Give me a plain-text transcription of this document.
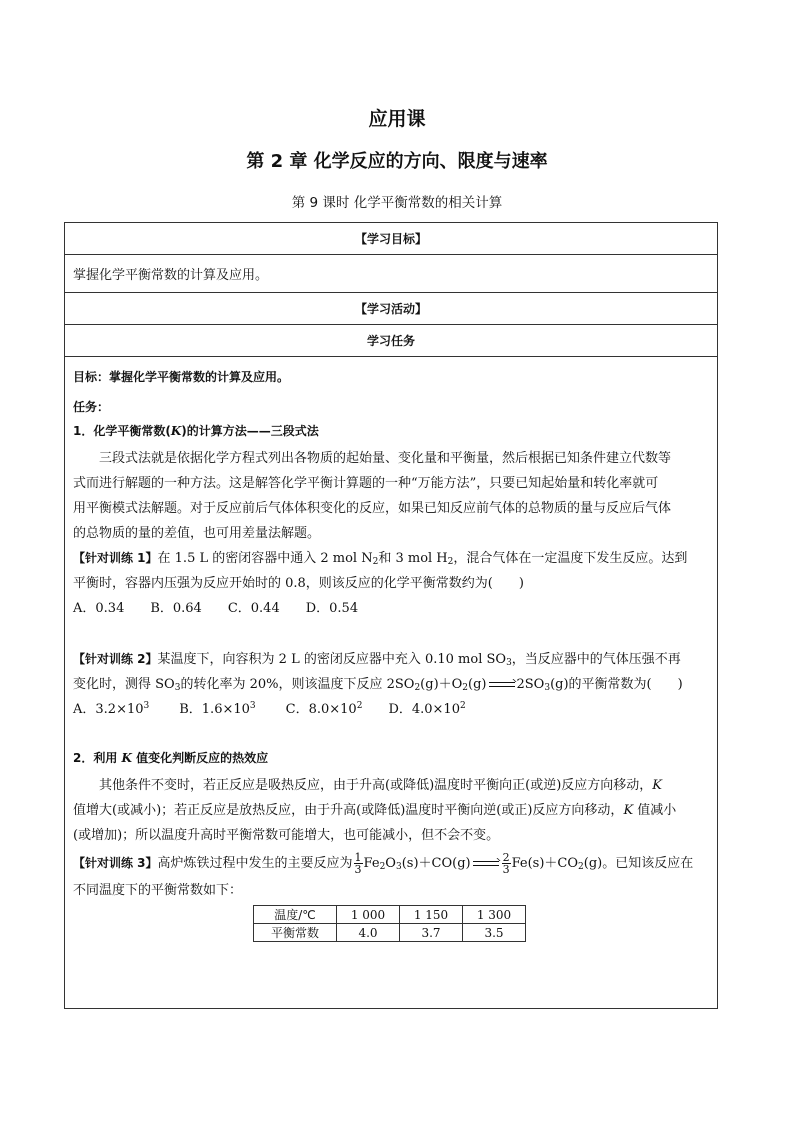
应用课
第 2 章 化学反应的方向、限度与速率
第 9 课时 化学平衡常数的相关计算
【学习目标】
掌握化学平衡常数的计算及应用。
【学习活动】
学习任务
目标：掌握化学平衡常数的计算及应用。
任务：
1．化学平衡常数(K)的计算方法——三段式法
三段式法就是依据化学方程式列出各物质的起始量、变化量和平衡量，然后根据已知条件建立代数等
式而进行解题的一种方法。这是解答化学平衡计算题的一种“万能方法”，只要已知起始量和转化率就可
用平衡模式法解题。对于反应前后气体体积变化的反应，如果已知反应前气体的总物质的量与反应后气体
的总物质的量的差值，也可用差量法解题。
【针对训练 1】在 1.5 L 的密闭容器中通入 2 mol $N_2$和 3 mol $H_2$，混合气体在一定温度下发生反应。达到
平衡时，容器内压强为反应开始时的 0.8，则该反应的化学平衡常数约为(　　)
A．0.34　　B．0.64　　C．0.44　　D．0.54
【针对训练 2】某温度下，向容积为 2 L 的密闭反应器中充入 0.10 mol $SO_3$，当反应器中的气体压强不再
变化时，测得 $SO_3$的转化率为 20%，则该温度下反应 $2SO_2(g)+O_2(g)$ $2SO_3(g)$的平衡常数为(　　)
A．$3.2\times 10^3$ B．$1.6\times 10^3$ C．$8.0\times 10^2$ D．$4.0\times 10^2$
2．利用 K 值变化判断反应的热效应
其他条件不变时，若正反应是吸热反应，由于升高(或降低)温度时平衡向正(或逆)反应方向移动，K
值增大(或减小)；若正反应是放热反应，由于升高(或降低)温度时平衡向逆(或正)反应方向移动，K 值减小
(或增加)；所以温度升高时平衡常数可能增大，也可能减小，但不会不变。
【针对训练 3】高炉炼铁过程中发生的主要反应为 $\frac{1}{3} Fe_2O_3(s)+CO(g)$	$\frac{2}{3} Fe(s)+CO_2(g)$。已知该反应在
不同温度下的平衡常数如下：
温度/℃	1 000	1 150	1 300
平衡常数	4.0	3.7	3.5
